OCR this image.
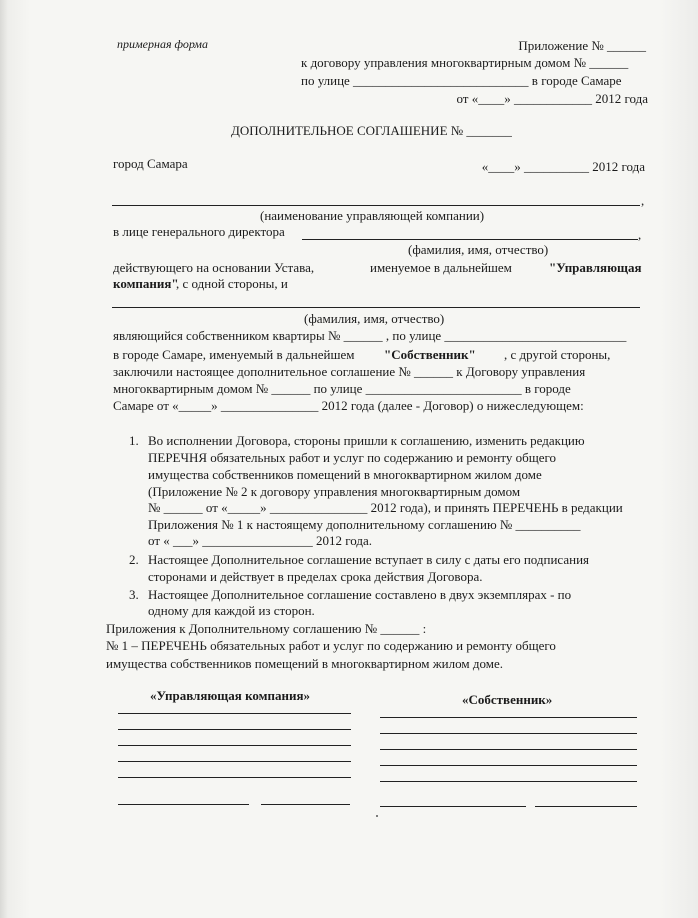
примерная форма	Приложение № ______
к договору управления многоквартирным домом № ______
по улице ___________________________ в городе Самаре
от «____» ____________ 2012 года
ДОПОЛНИТЕЛЬНОЕ СОГЛАШЕНИЕ № _______
город Самара	«____» __________ 2012 года
,
(наименование управляющей компании)
в лице генерального директора	,
(фамилия, имя, отчество)
действующего на основании Устава,	именуемое в дальнейшем	"Управляющая
компания"
, с одной стороны, и
(фамилия, имя, отчество)
являющийся собственником квартиры № ______ , по улице ____________________________
в городе Самаре, именуемый в дальнейшем "Собственник" , с другой стороны,
заключили настоящее дополнительное соглашение № ______ к Договору управления
многоквартирным домом № ______ по улице ________________________ в городе
Самаре от «_____» _______________ 2012 года (далее - Договор) о нижеследующем:
1. Во исполнении Договора, стороны пришли к соглашению, изменить редакцию
ПЕРЕЧНЯ обязательных работ и услуг по содержанию и ремонту общего
имущества собственников помещений в многоквартирном жилом доме
(Приложение № 2 к договору управления многоквартирным домом
№ ______ от «_____» _______________ 2012 года), и принять ПЕРЕЧЕНЬ в редакции
Приложения № 1 к настоящему дополнительному соглашению № __________
от « ___» _________________ 2012 года.
2. Настоящее Дополнительное соглашение вступает в силу с даты его подписания
сторонами и действует в пределах срока действия Договора.
3. Настоящее Дополнительное соглашение составлено в двух экземплярах - по
одному для каждой из сторон.
Приложения к Дополнительному соглашению № ______ :
№ 1 – ПЕРЕЧЕНЬ обязательных работ и услуг по содержанию и ремонту общего
имущества собственников помещений в многоквартирном жилом доме.
«Управляющая компания»	«Собственник»
